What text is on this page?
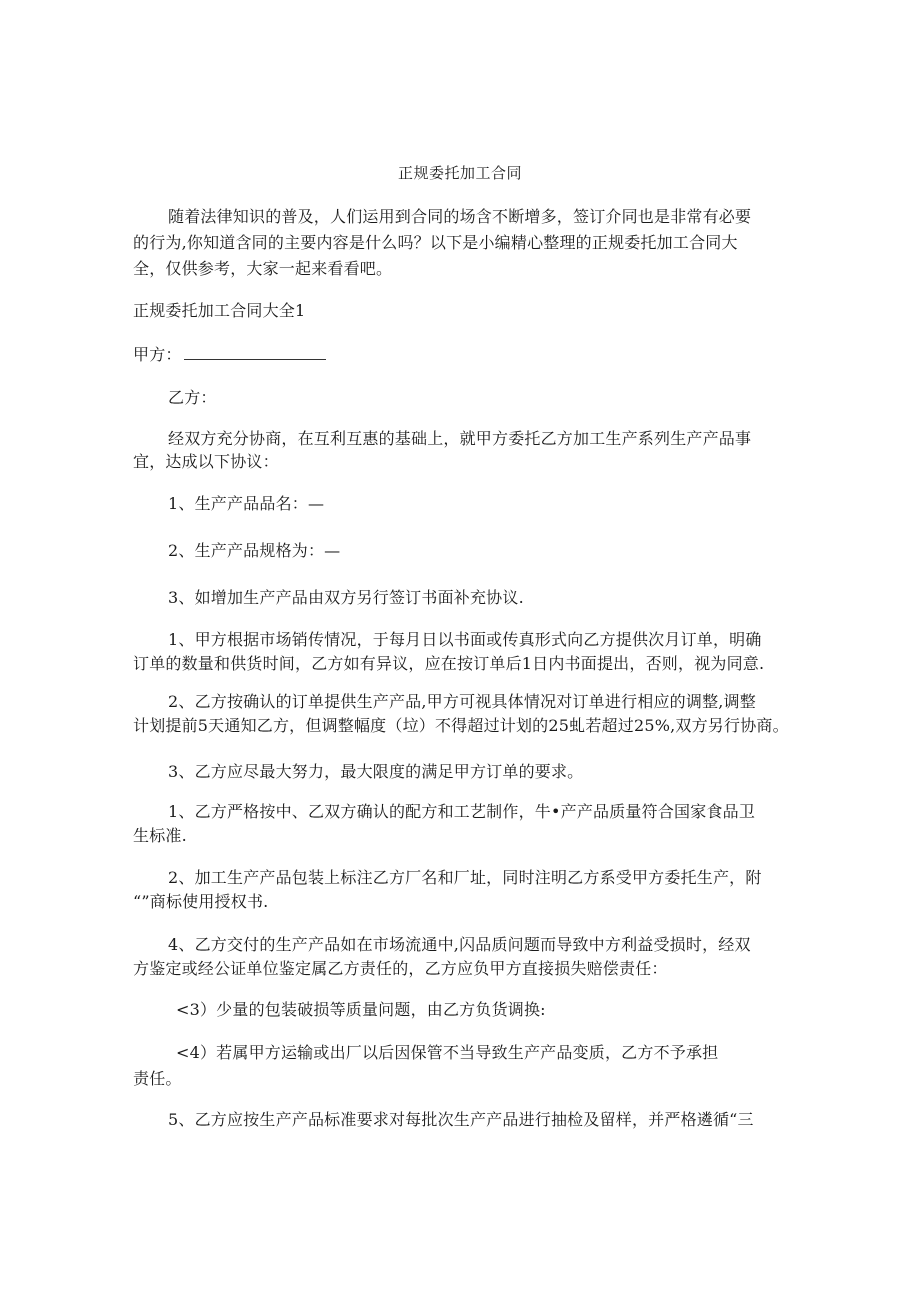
正规委托加工合同
随着法律知识的普及，人们运用到合同的场含不断增多，签订介同也是非常有必要
的行为,你知道含同的主要内容是什么吗？以下是小编精心整理的正规委托加工合同大
全，仅供参考，大家一起来看看吧。
正规委托加工合同大全1
甲方：
乙方：
经双方充分协商，在互利互惠的基础上，就甲方委托乙方加工生产系列生产产品事
宜，达成以下协议：
1、生产产品品名：—
2、生产产品规格为：—
3、如增加生产产品由双方另行签订书面补充协议.
1、甲方根据市场销传情况，于每月日以书面或传真形式向乙方提供次月订单，明确
订单的数量和供货时间，乙方如有异议，应在按订单后1日内书面提出，否则，视为同意.
2、乙方按确认的订单提供生产产品,甲方可视具体情况对订单进行相应的调整,调整
计划提前5天通知乙方，但调整幅度（垃）不得超过计划的25虬若超过25%,双方另行协商。
3、乙方应尽最大努力，最大限度的满足甲方订单的要求。
1、乙方严格按中、乙双方确认的配方和工艺制作，牛•产产品质量符合国家食品卫
生标准.
2、加工生产产品包装上标注乙方厂名和厂址，同时注明乙方系受甲方委托生产，附
“”商标使用授权书.
4、乙方交付的生产产品如在市场流通中,闪品质问题而导致中方利益受损时，经双
方鉴定或经公证单位鉴定属乙方责任的，乙方应负甲方直接损失赔偿责任：
<3）少量的包装破损等质量问题，由乙方负货调换:
<4）若属甲方运输或出厂以后因保管不当导致生产产品变质，乙方不予承担
责任。
5、乙方应按生产产品标准要求对每批次生产产品进行抽检及留样，并严格遴循“三
